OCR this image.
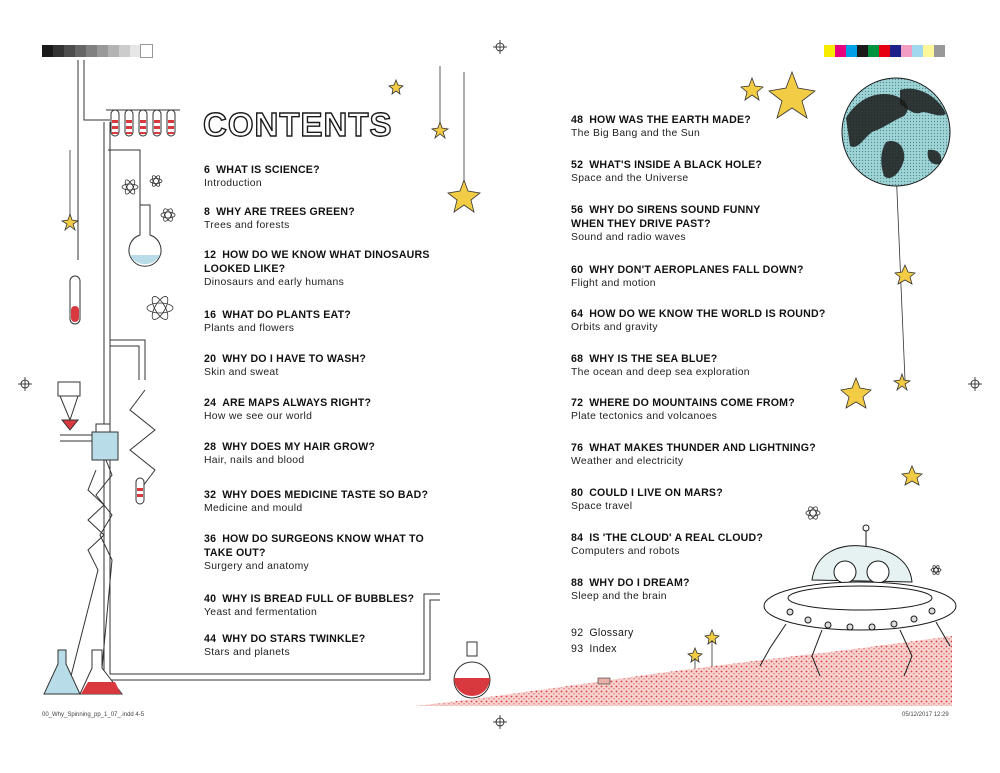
CONTENTS
6 WHAT IS SCIENCE?
Introduction
8 WHY ARE TREES GREEN?
Trees and forests
12 HOW DO WE KNOW WHAT DINOSAURS LOOKED LIKE?
Dinosaurs and early humans
16 WHAT DO PLANTS EAT?
Plants and flowers
20 WHY DO I HAVE TO WASH?
Skin and sweat
24 ARE MAPS ALWAYS RIGHT?
How we see our world
28 WHY DOES MY HAIR GROW?
Hair, nails and blood
32 WHY DOES MEDICINE TASTE SO BAD?
Medicine and mould
36 HOW DO SURGEONS KNOW WHAT TO TAKE OUT?
Surgery and anatomy
40 WHY IS BREAD FULL OF BUBBLES?
Yeast and fermentation
44 WHY DO STARS TWINKLE?
Stars and planets
48 HOW WAS THE EARTH MADE?
The Big Bang and the Sun
52 WHAT'S INSIDE A BLACK HOLE?
Space and the Universe
56 WHY DO SIRENS SOUND FUNNY WHEN THEY DRIVE PAST?
Sound and radio waves
60 WHY DON'T AEROPLANES FALL DOWN?
Flight and motion
64 HOW DO WE KNOW THE WORLD IS ROUND?
Orbits and gravity
68 WHY IS THE SEA BLUE?
The ocean and deep sea exploration
72 WHERE DO MOUNTAINS COME FROM?
Plate tectonics and volcanoes
76 WHAT MAKES THUNDER AND LIGHTNING?
Weather and electricity
80 COULD I LIVE ON MARS?
Space travel
84 IS 'THE CLOUD' A REAL CLOUD?
Computers and robots
88 WHY DO I DREAM?
Sleep and the brain
92 Glossary
93 Index
00_Why_Spinning_pp_1_07_.indd 4-5	05/12/2017 12:29
